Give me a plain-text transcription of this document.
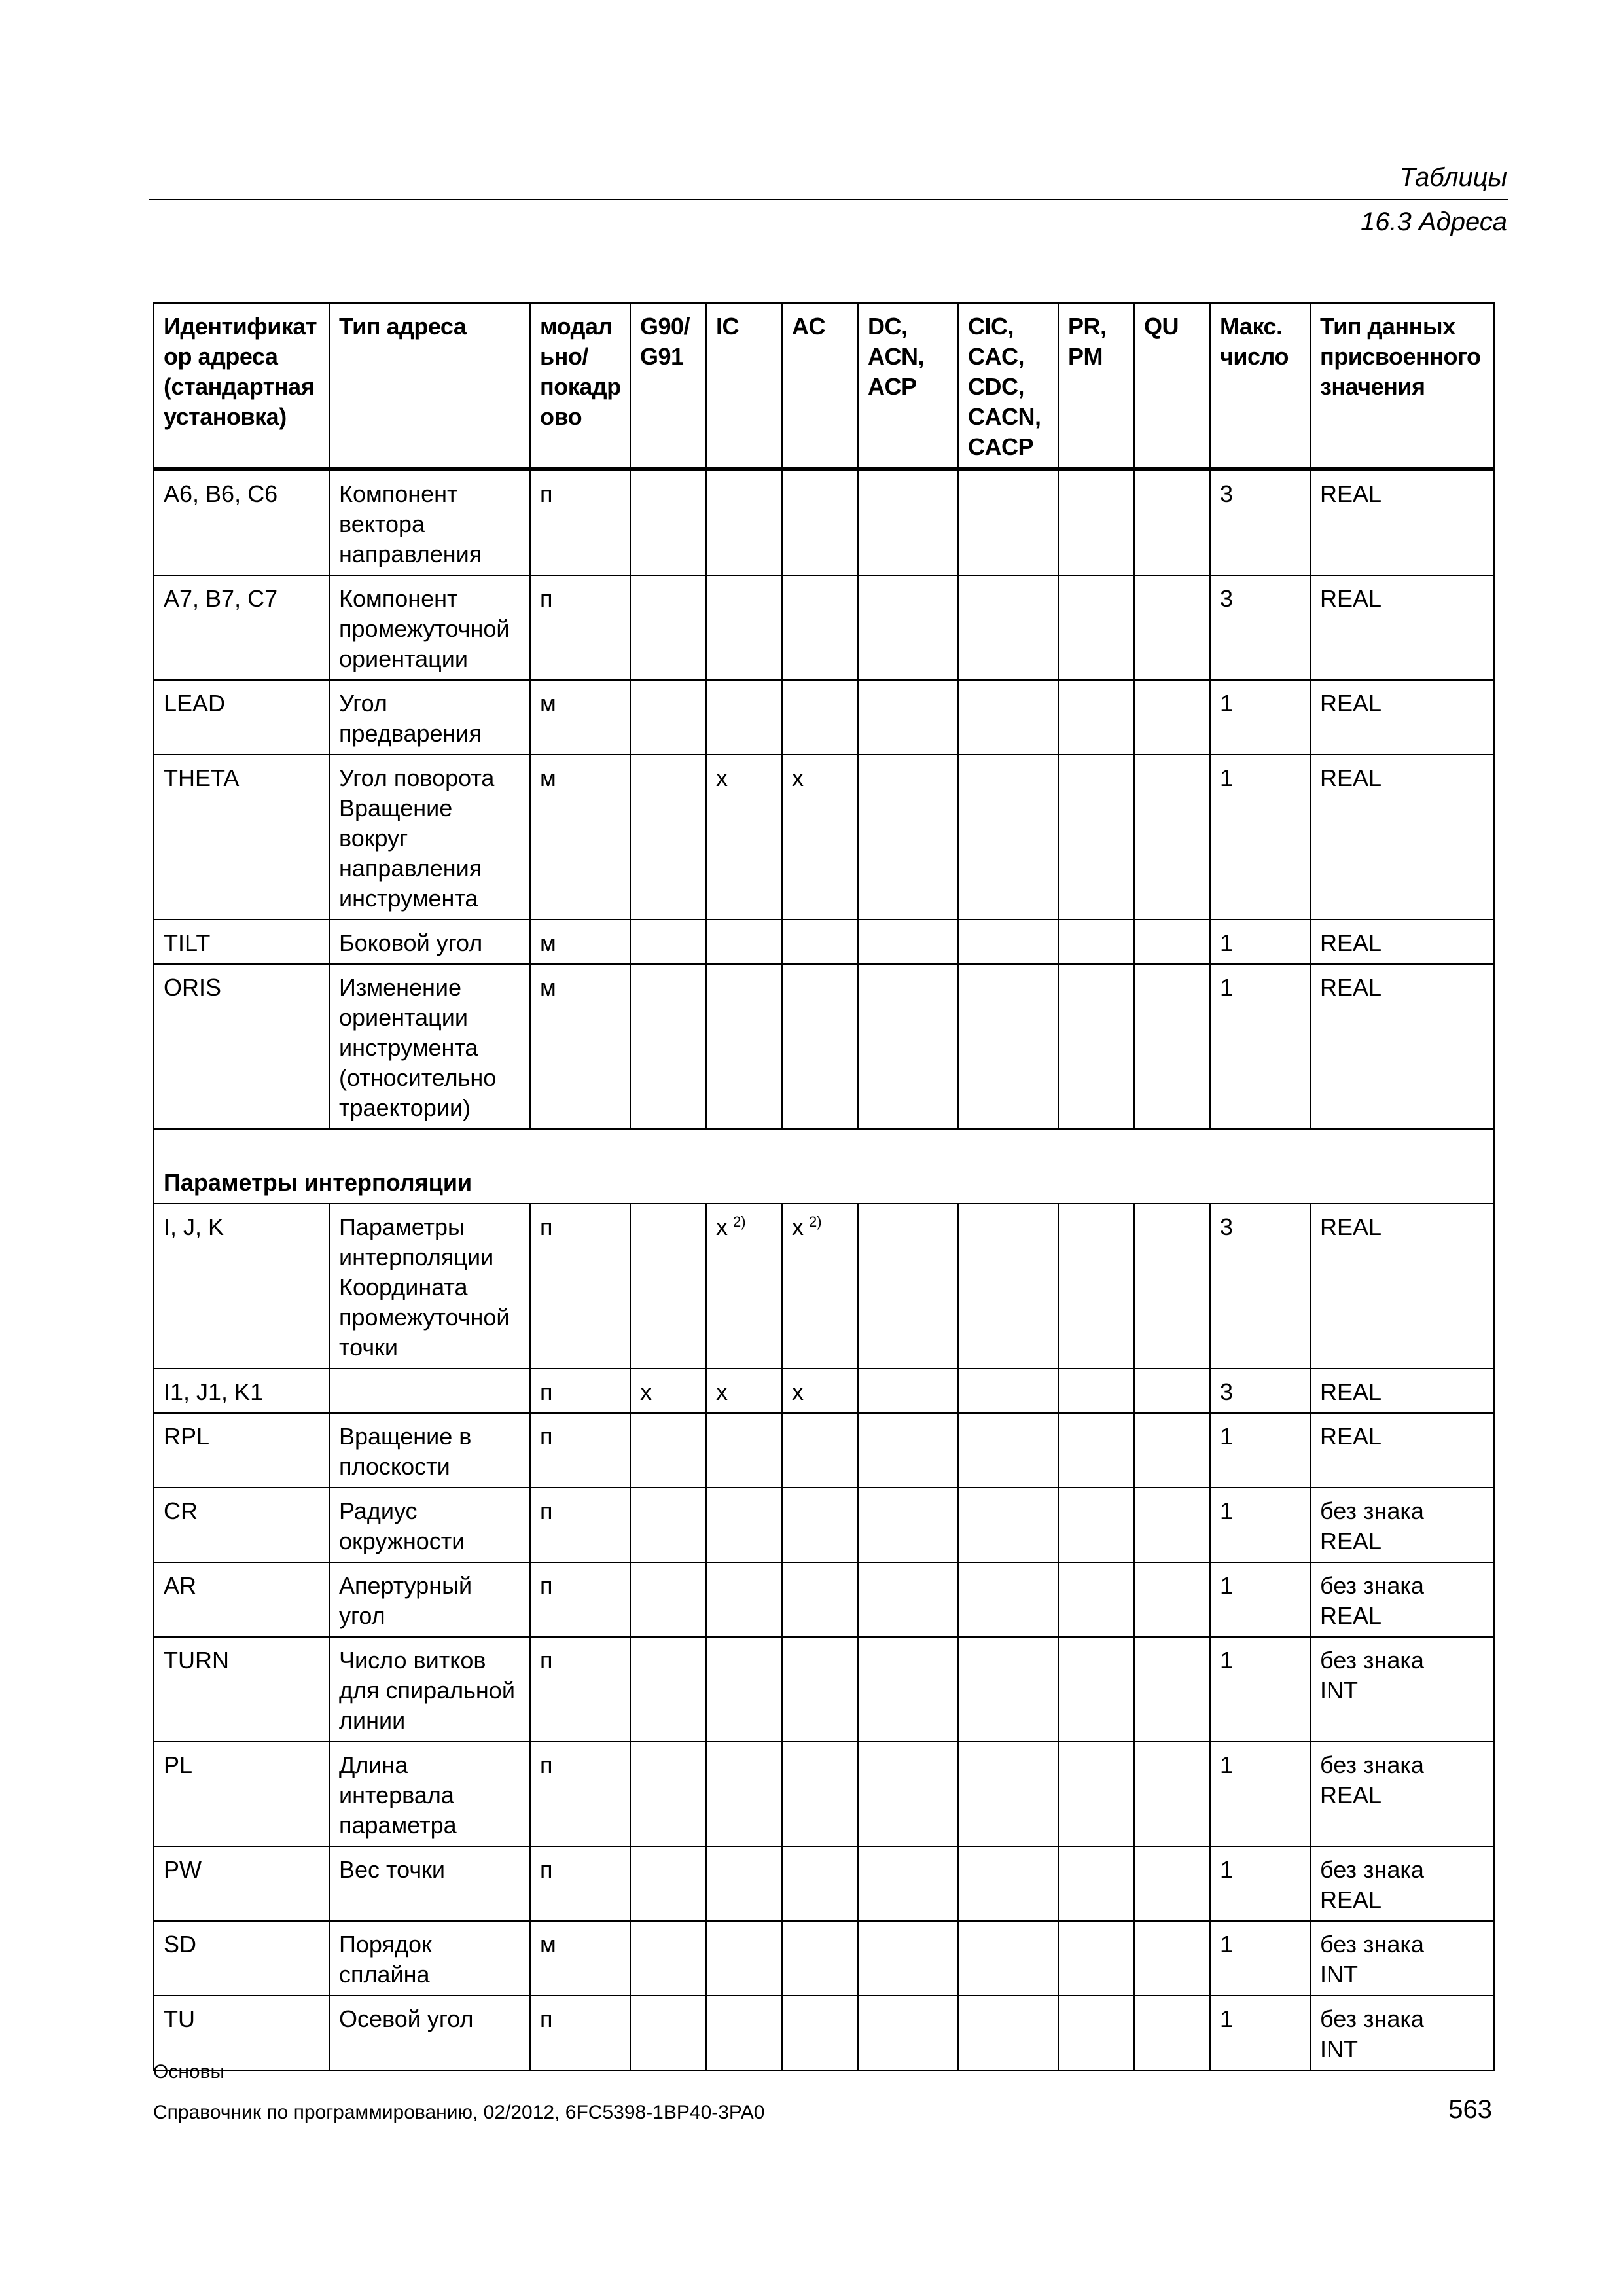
Таблицы
16.3 Адреса
Идентификат
ор адреса
(стандартная
установка)	Тип адреса	модал
ьно/
покадр
ово	G90/
G91	IC	AC	DC,
ACN,
ACP	CIC,
CAC,
CDC,
CACN,
CACP	PR,
PM	QU	Макс.
число	Тип данных
присвоенного
значения
A6, B6, C6	Компонент
вектора
направления	п								3	REAL
A7, B7, C7	Компонент
промежуточной
ориентации	п								3	REAL
LEAD	Угол
предварения	м								1	REAL
THETA	Угол поворота
Вращение
вокруг
направления
инструмента	м		x	x					1	REAL
TILT	Боковой угол	м								1	REAL
ORIS	Изменение
ориентации
инструмента
(относительно
траектории)	м								1	REAL
Параметры интерполяции											
I, J, K	Параметры
интерполяции
Координата
промежуточной
точки	п		x $^{2)}$	x $^{2)}$					3	REAL
I1, J1, K1		п	x	x	x					3	REAL
RPL	Вращение в
плоскости	п								1	REAL
CR	Радиус
окружности	п								1	без знака
REAL
AR	Апертурный
угол	п								1	без знака
REAL
TURN	Число витков
для спиральной
линии	п								1	без знака
INT
PL	Длина
интервала
параметра	п								1	без знака
REAL
PW	Вес точки	п								1	без знака
REAL
SD	Порядок
сплайна	м								1	без знака
INT
TU	Осевой угол	п								1	без знака
INT
Основы
Справочник по программированию, 02/2012, 6FC5398-1BP40-3PA0	563
